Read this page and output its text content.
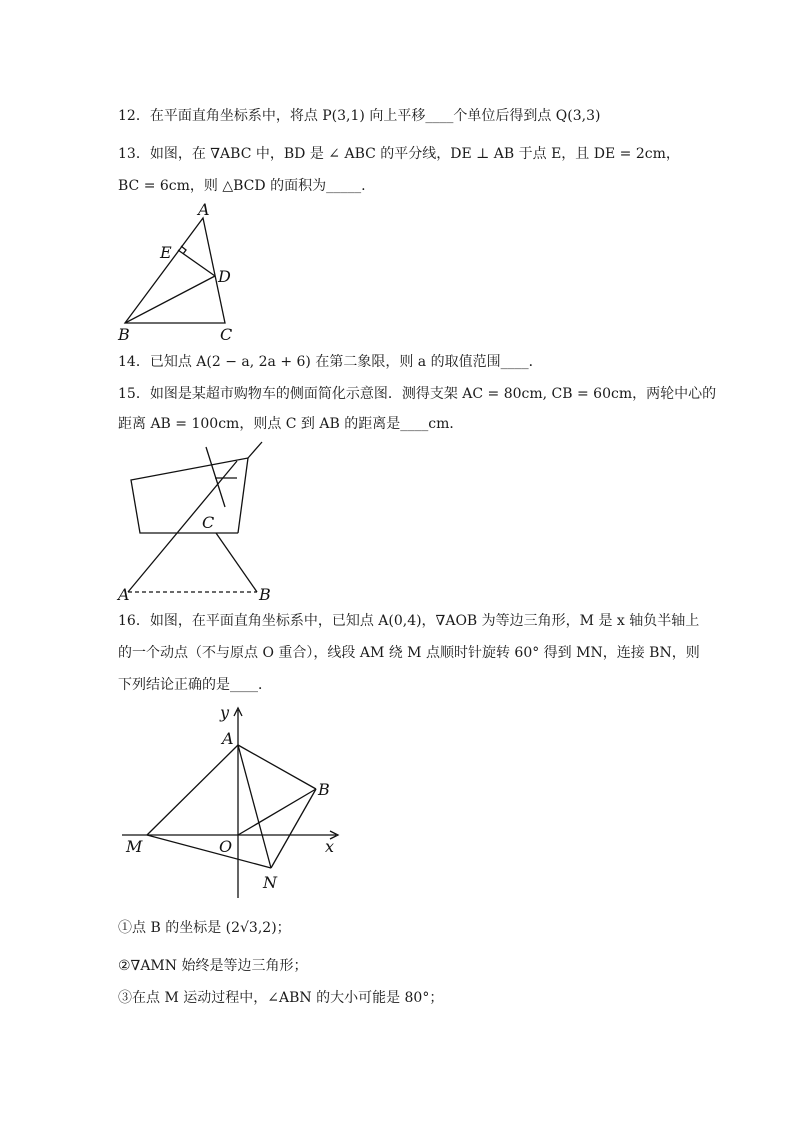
12．在平面直角坐标系中，将点 P(3,1) 向上平移____个单位后得到点 Q(3,3)
13．如图，在 ∇ABC 中，BD 是 ∠ ABC 的平分线，DE ⊥ AB 于点 E，且 DE = 2cm，
BC = 6cm，则 △BCD 的面积为_____.
A
E
D
B	C
14．已知点 A(2 − a, 2a + 6) 在第二象限，则 a 的取值范围____．
15．如图是某超市购物车的侧面简化示意图．测得支架 AC = 80cm, CB = 60cm，两轮中心的
距离 AB = 100cm，则点 C 到 AB 的距离是____cm．
C
A	B
16．如图，在平面直角坐标系中，已知点 A(0,4)，∇AOB 为等边三角形，M 是 x 轴负半轴上
的一个动点（不与原点 O 重合），线段 AM 绕 M 点顺时针旋转 60° 得到 MN，连接 BN，则
下列结论正确的是____．
y
A
B
M	O	x
N
①点 B 的坐标是 (2√3,2)；
②∇AMN 始终是等边三角形；
③在点 M 运动过程中，∠ABN 的大小可能是 80°；
